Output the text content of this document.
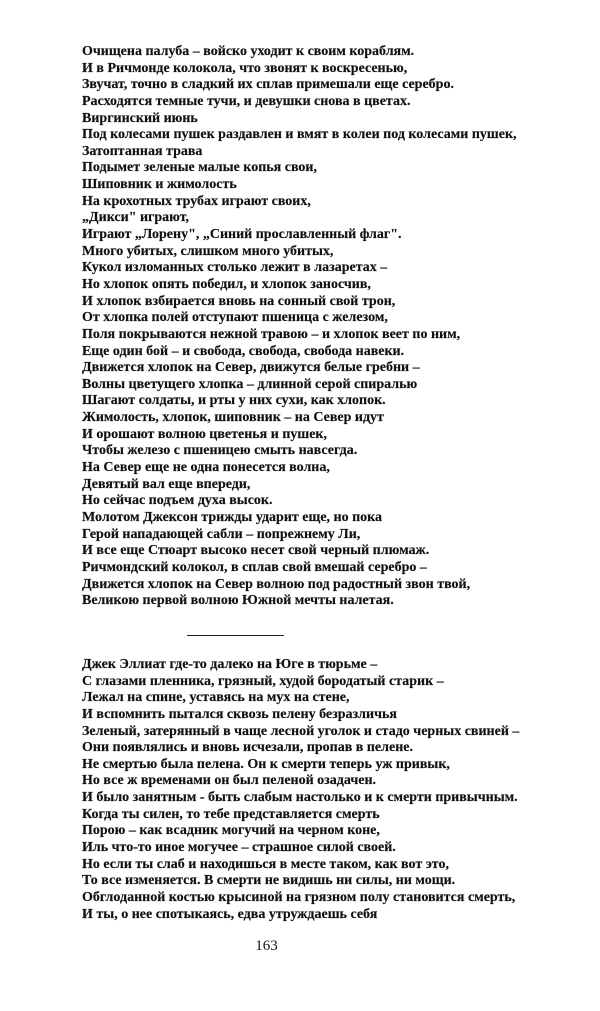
Очищена палуба – войско уходит к своим кораблям.
И в Ричмонде колокола, что звонят к воскресенью,
Звучат, точно в сладкий их сплав примешали еще серебро.
Расходятся темные тучи, и девушки снова в цветах.
Виргинский июнь
Под колесами пушек раздавлен и вмят в колеи под колесами пушек,
Затоптанная трава
Подымет зеленые малые копья свои,
Шиповник и жимолость
На крохотных трубах играют своих,
„Дикси" играют,
Играют „Лорену", „Синий прославленный флаг".
Много убитых, слишком много убитых,
Кукол изломанных столько лежит в лазаретах –
Но хлопок опять победил, и хлопок заносчив,
И хлопок взбирается вновь на сонный свой трон,
От хлопка полей отступают пшеница с железом,
Поля покрываются нежной травою – и хлопок веет по ним,
Еще один бой – и свобода, свобода, свобода навеки.
Движется хлопок на Север, движутся белые гребни –
Волны цветущего хлопка – длинной серой спиралью
Шагают солдаты, и рты у них сухи, как хлопок.
Жимолость, хлопок, шиповник – на Север идут
И орошают волною цветенья и пушек,
Чтобы железо с пшеницею смыть навсегда.
На Север еще не одна понесется волна,
Девятый вал еще впереди,
Но сейчас подъем духа высок.
Молотом Джексон трижды ударит еще, но пока
Герой нападающей сабли – попрежнему Ли,
И все еще Стюарт высоко несет свой черный плюмаж.
Ричмондский колокол, в сплав свой вмешай серебро –
Движется хлопок на Север волною под радостный звон твой,
Великою первой волною Южной мечты налетая.
Джек Эллиат где-то далеко на Юге в тюрьме –
С глазами пленника, грязный, худой бородатый старик –
Лежал на спине, уставясь на мух на стене,
И вспомнить пытался сквозь пелену безразличья
Зеленый, затерянный в чаще лесной уголок и стадо черных свиней –
Они появлялись и вновь исчезали, пропав в пелене.
Не смертью была пелена. Он к смерти теперь уж привык,
Но все ж временами он был пеленой озадачен.
И было занятным - быть слабым настолько и к смерти привычным.
Когда ты силен, то тебе представляется смерть
Порою – как всадник могучий на черном коне,
Иль что-то иное могучее – страшное силой своей.
Но если ты слаб и находишься в месте таком, как вот это,
То все изменяется. В смерти не видишь ни силы, ни мощи.
Обглоданной костью крысиной на грязном полу становится смерть,
И ты, о нее спотыкаясь, едва утруждаешь себя
163
